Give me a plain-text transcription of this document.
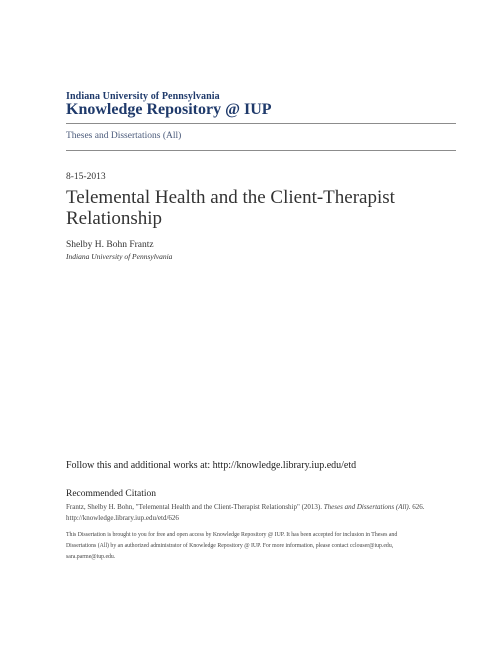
Indiana University of Pennsylvania
Knowledge Repository @ IUP
Theses and Dissertations (All)
8-15-2013
Telemental Health and the Client-Therapist
Relationship
Shelby H. Bohn Frantz
Indiana University of Pennsylvania
Follow this and additional works at: http://knowledge.library.iup.edu/etd
Recommended Citation
Frantz, Shelby H. Bohn, "Telemental Health and the Client-Therapist Relationship" (2013). Theses and Dissertations (All). 626.
http://knowledge.library.iup.edu/etd/626
This Dissertation is brought to you for free and open access by Knowledge Repository @ IUP. It has been accepted for inclusion in Theses and
Dissertations (All) by an authorized administrator of Knowledge Repository @ IUP. For more information, please contact cclouser@iup.edu,
sara.parme@iup.edu.
